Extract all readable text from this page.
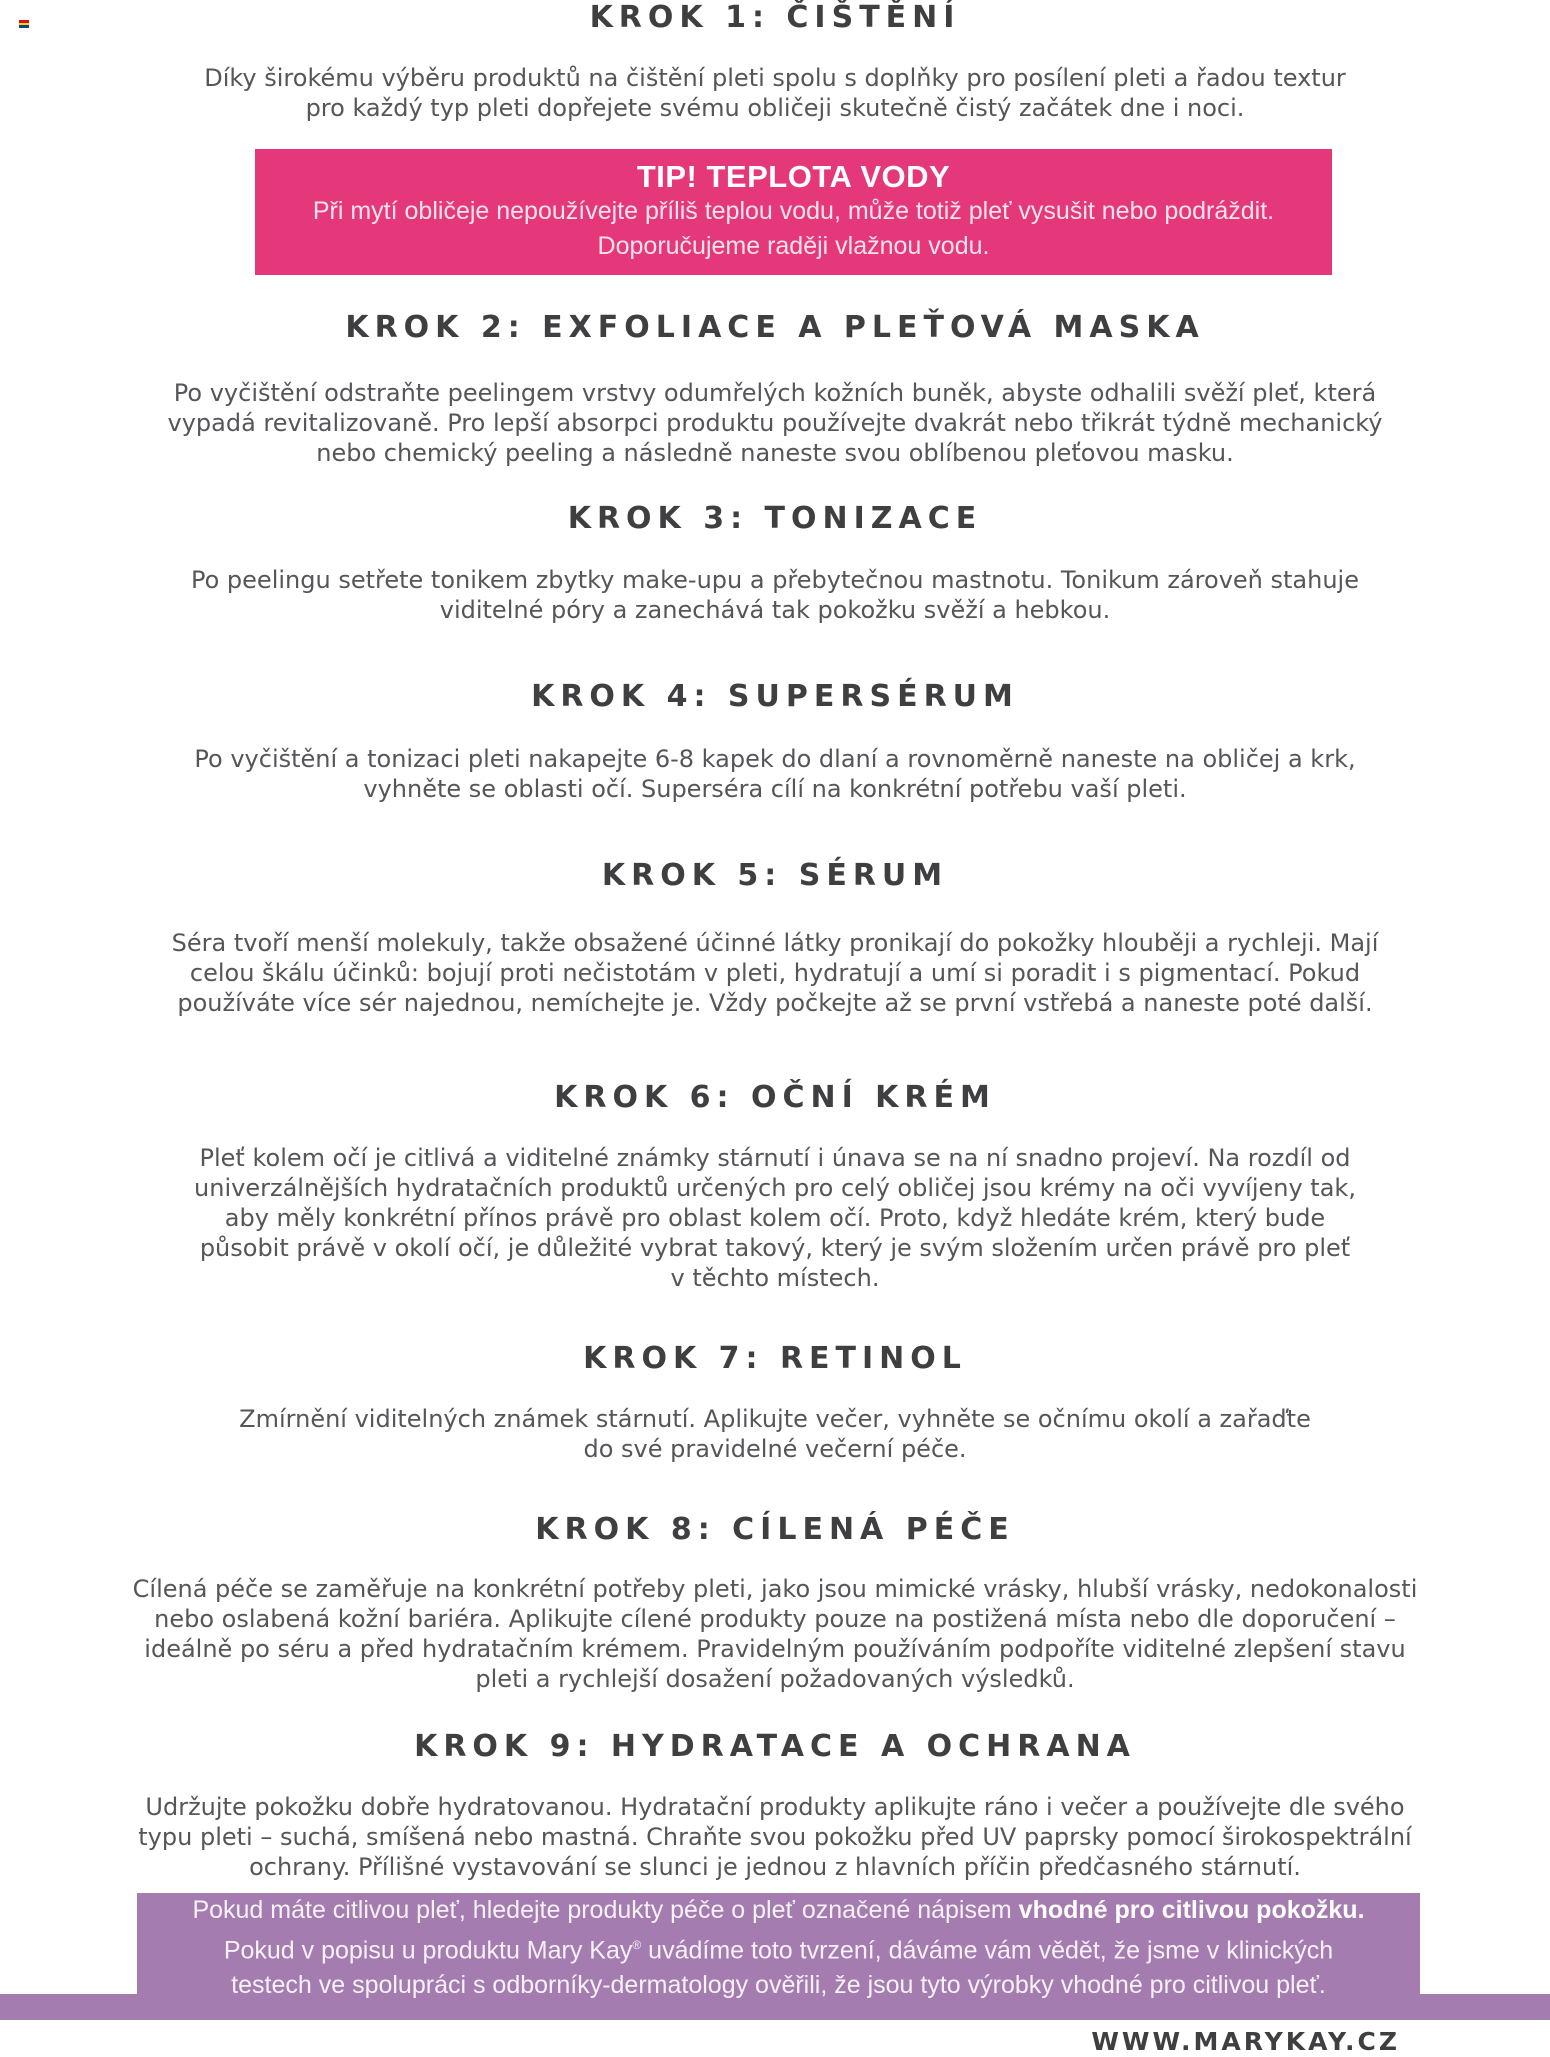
KROK 1: ČIŠTĚNÍ
Díky širokému výběru produktů na čištění pleti spolu s doplňky pro posílení pleti a řadou textur
pro každý typ pleti dopřejete svému obličeji skutečně čistý začátek dne i noci.
TIP! TEPLOTA VODY
Při mytí obličeje nepoužívejte příliš teplou vodu, může totiž pleť vysušit nebo podráždit.
Doporučujeme raději vlažnou vodu.
KROK 2: EXFOLIACE A PLEŤOVÁ MASKA
Po vyčištění odstraňte peelingem vrstvy odumřelých kožních buněk, abyste odhalili svěží pleť, která
vypadá revitalizovaně. Pro lepší absorpci produktu používejte dvakrát nebo třikrát týdně mechanický
nebo chemický peeling a následně naneste svou oblíbenou pleťovou masku.
KROK 3: TONIZACE
Po peelingu setřete tonikem zbytky make-upu a přebytečnou mastnotu. Tonikum zároveň stahuje
viditelné póry a zanechává tak pokožku svěží a hebkou.
KROK 4: SUPERSÉRUM
Po vyčištění a tonizaci pleti nakapejte 6-8 kapek do dlaní a rovnoměrně naneste na obličej a krk,
vyhněte se oblasti očí. Superséra cílí na konkrétní potřebu vaší pleti.
KROK 5: SÉRUM
Séra tvoří menší molekuly, takže obsažené účinné látky pronikají do pokožky hlouběji a rychleji. Mají
celou škálu účinků: bojují proti nečistotám v pleti, hydratují a umí si poradit i s pigmentací. Pokud
používáte více sér najednou, nemíchejte je. Vždy počkejte až se první vstřebá a naneste poté další.
KROK 6: OČNÍ KRÉM
Pleť kolem očí je citlivá a viditelné známky stárnutí i únava se na ní snadno projeví. Na rozdíl od
univerzálnějších hydratačních produktů určených pro celý obličej jsou krémy na oči vyvíjeny tak,
aby měly konkrétní přínos právě pro oblast kolem očí. Proto, když hledáte krém, který bude
působit právě v okolí očí, je důležité vybrat takový, který je svým složením určen právě pro pleť
v těchto místech.
KROK 7: RETINOL
Zmírnění viditelných známek stárnutí. Aplikujte večer, vyhněte se očnímu okolí a zařaďte
do své pravidelné večerní péče.
KROK 8: CÍLENÁ PÉČE
Cílená péče se zaměřuje na konkrétní potřeby pleti, jako jsou mimické vrásky, hlubší vrásky, nedokonalosti
nebo oslabená kožní bariéra. Aplikujte cílené produkty pouze na postižená místa nebo dle doporučení –
ideálně po séru a před hydratačním krémem. Pravidelným používáním podpoříte viditelné zlepšení stavu
pleti a rychlejší dosažení požadovaných výsledků.
KROK 9: HYDRATACE A OCHRANA
Udržujte pokožku dobře hydratovanou. Hydratační produkty aplikujte ráno i večer a používejte dle svého
typu pleti – suchá, smíšená nebo mastná. Chraňte svou pokožku před UV paprsky pomocí širokospektrální
ochrany. Přílišné vystavování se slunci je jednou z hlavních příčin předčasného stárnutí.
Pokud máte citlivou pleť, hledejte produkty péče o pleť označené nápisem vhodné pro citlivou pokožku.
Pokud v popisu u produktu Mary Kay® uvádíme toto tvrzení, dáváme vám vědět, že jsme v klinických
testech ve spolupráci s odborníky-dermatology ověřili, že jsou tyto výrobky vhodné pro citlivou pleť.
WWW.MARYKAY.CZ
